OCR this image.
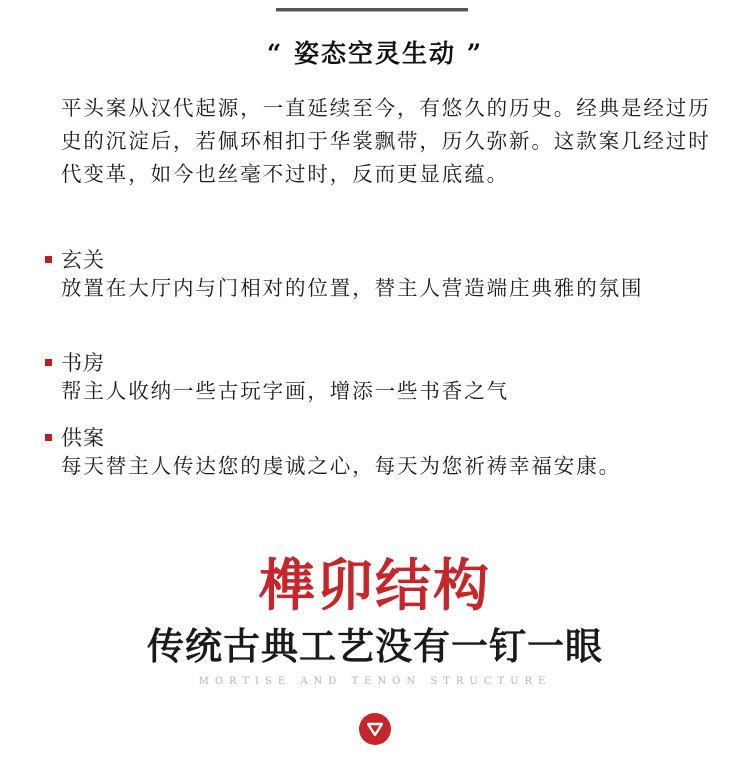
“ 姿态空灵生动 ”

平头案从汉代起源，一直延续至今，有悠久的历史。经典是经过历史的沉淀后，若佩环相扣于华裳飘带，历久弥新。这款案几经过时代变革，如今也丝毫不过时，反而更显底蕴。

玄关
放置在大厅内与门相对的位置，替主人营造端庄典雅的氛围
书房
帮主人收纳一些古玩字画，增添一些书香之气
供案
每天替主人传达您的虔诚之心，每天为您祈祷幸福安康。
榫卯结构
传统古典工艺没有一钉一眼
MORTISE AND TENON STRUCTURE
